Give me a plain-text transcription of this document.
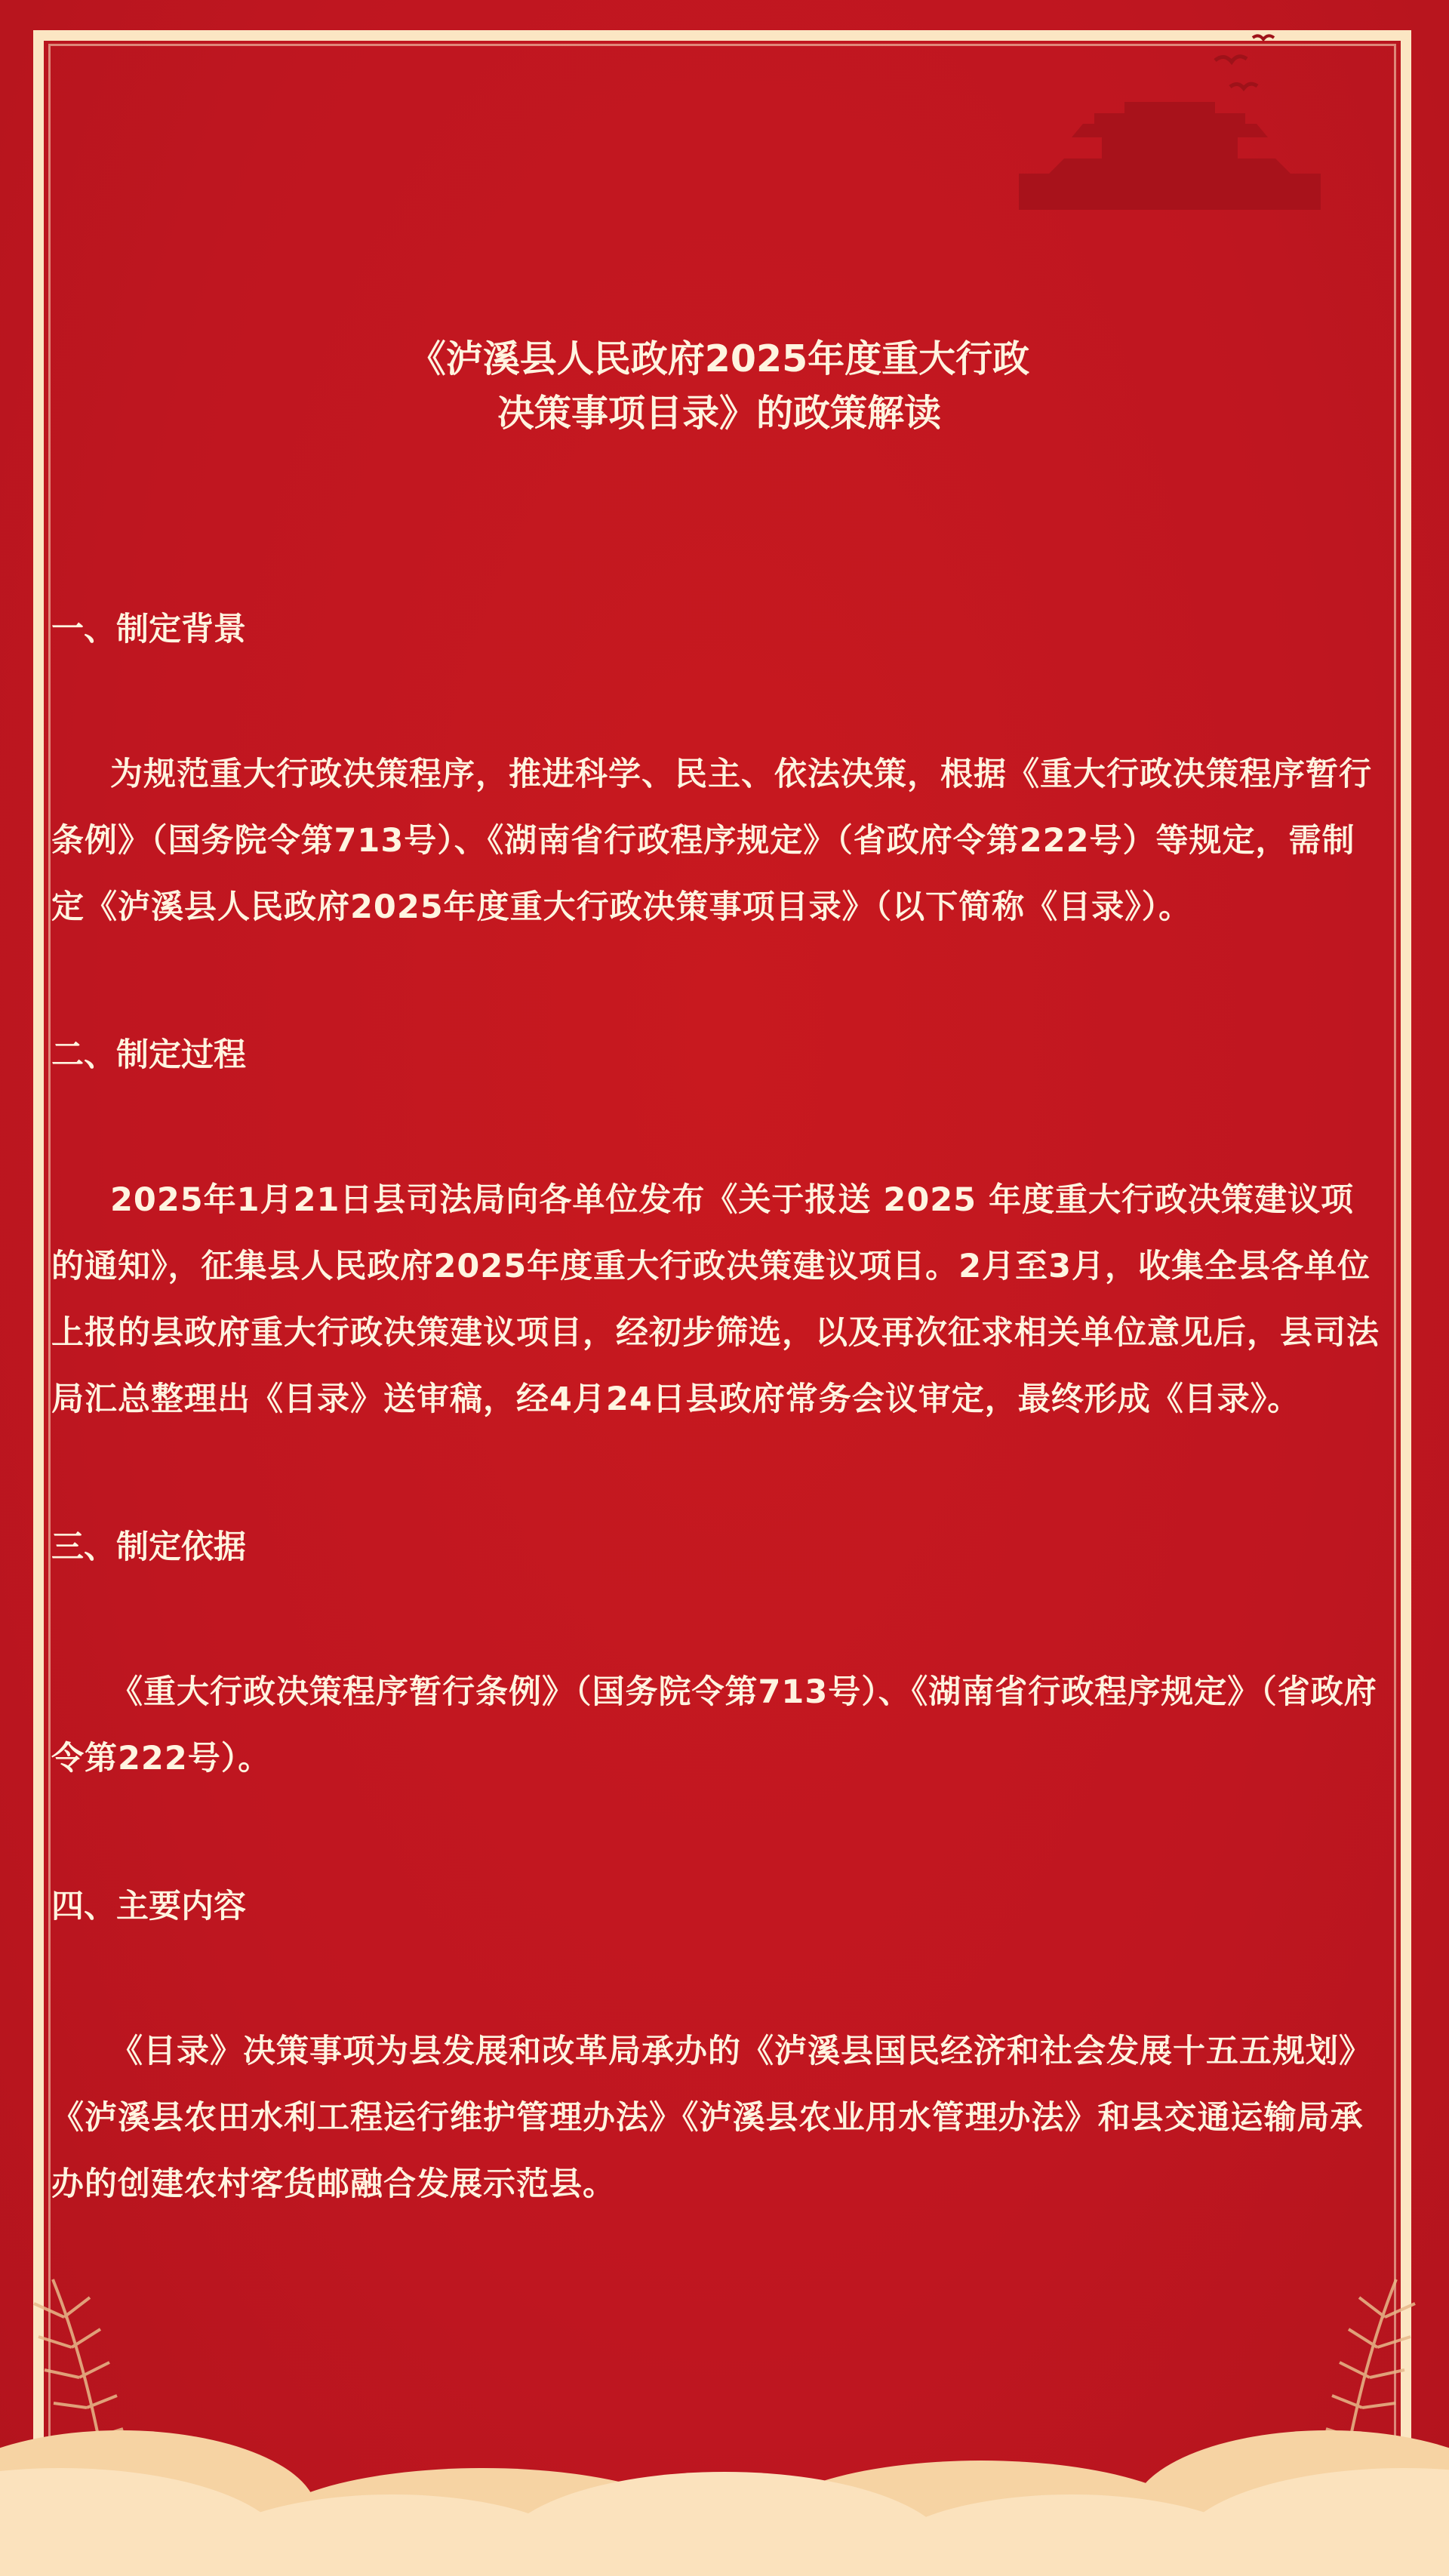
《泸溪县人民政府2025年度重大行政
决策事项目录》的政策解读
一、制定背景

为规范重大行政决策程序，推进科学、民主、依法决策，根据《重大行政决策程序暂行条例》（国务院令第713号）、《湖南省行政程序规定》（省政府令第222号）等规定，需制定《泸溪县人民政府2025年度重大行政决策事项目录》（以下简称《目录》）。

二、制定过程

2025年1月21日县司法局向各单位发布《关于报送 2025 年度重大行政决策建议项的通知》，征集县人民政府2025年度重大行政决策建议项目。2月至3月，收集全县各单位上报的县政府重大行政决策建议项目，经初步筛选，以及再次征求相关单位意见后，县司法局汇总整理出《目录》送审稿，经4月24日县政府常务会议审定，最终形成《目录》。

三、制定依据

《重大行政决策程序暂行条例》（国务院令第713号）、《湖南省行政程序规定》（省政府令第222号）。

四、主要内容

《目录》决策事项为县发展和改革局承办的《泸溪县国民经济和社会发展十五五规划》《泸溪县农田水利工程运行维护管理办法》《泸溪县农业用水管理办法》和县交通运输局承办的创建农村客货邮融合发展示范县。
